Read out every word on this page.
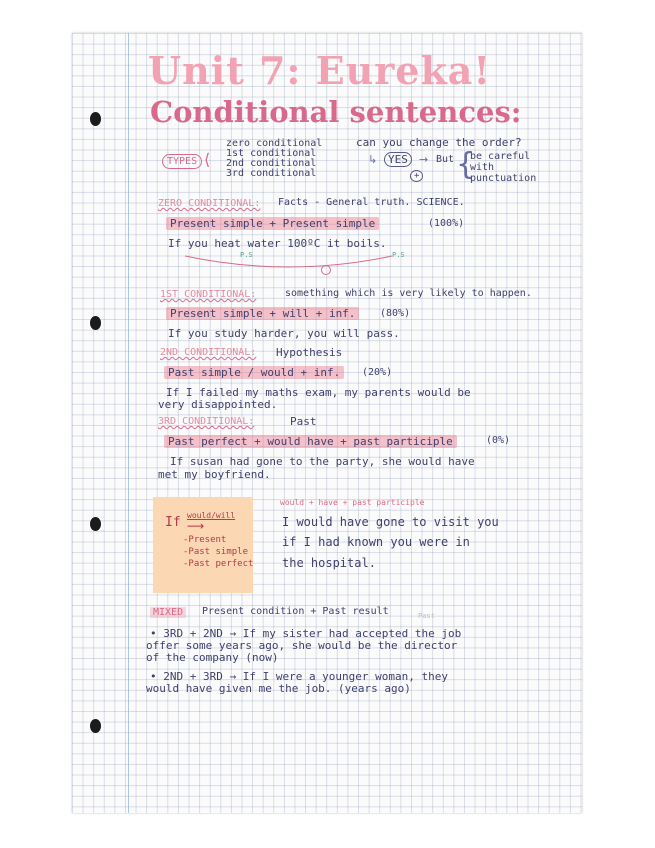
Unit 7: Eureka!
Conditional sentences:
TYPES ⟨
zero conditional
1st conditional
2nd conditional
3rd conditional
can you change the order?
↳ YES	→ But
+ {
be careful
with
punctuation
ZERO CONDITIONAL: Facts - General truth. SCIENCE.
Present simple + Present simple	(100%)
If you heat water 100ºC it boils.
P.S	P.S
1ST CONDITIONAL:	something which is very likely to happen.
Present simple + will + inf.	(80%)
If you study harder, you will pass.
2ND CONDITIONAL: Hypothesis
Past simple / would + inf.	(20%)
If I failed my maths exam, my parents would be
very disappointed.
3RD CONDITIONAL:	Past
Past perfect + would have + past participle	(0%)
If susan had gone to the party, she would have
met my boyfriend.
If would/will
⟶
-Present
-Past simple
-Past perfect
would + have + past participle
I would have gone to visit you
if I had known you were in
the hospital.
MIXED	Present condition + Past result	Past
• 3RD + 2ND → If my sister had accepted the job
offer some years ago, she would be the director
of the company (now)
• 2ND + 3RD → If I were a younger woman, they
would have given me the job. (years ago)
